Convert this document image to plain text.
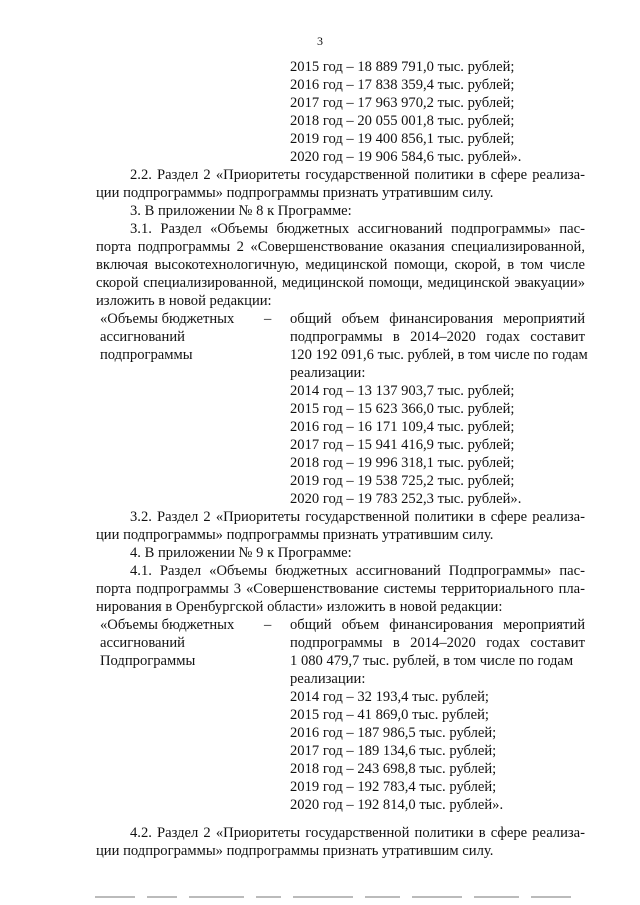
3
2015 год – 18 889 791,0 тыс. рублей;
2016 год – 17 838 359,4 тыс. рублей;
2017 год – 17 963 970,2 тыс. рублей;
2018 год – 20 055 001,8 тыс. рублей;
2019 год – 19 400 856,1 тыс. рублей;
2020 год – 19 906 584,6 тыс. рублей».
2.2. Раздел 2 «Приоритеты государственной политики в сфере реализа-
ции подпрограммы» подпрограммы признать утратившим силу.
3. В приложении № 8 к Программе:
3.1. Раздел «Объемы бюджетных ассигнований подпрограммы» пас-
порта подпрограммы 2 «Совершенствование оказания специализированной,
включая высокотехнологичную, медицинской помощи, скорой, в том числе
скорой специализированной, медицинской помощи, медицинской эвакуации»
изложить в новой редакции:
«Объемы бюджетных
ассигнований
подпрограммы
– общий объем финансирования мероприятий
подпрограммы в 2014–2020 годах составит
120 192 091,6 тыс. рублей, в том числе по годам
реализации:
2014 год – 13 137 903,7 тыс. рублей;
2015 год – 15 623 366,0 тыс. рублей;
2016 год – 16 171 109,4 тыс. рублей;
2017 год – 15 941 416,9 тыс. рублей;
2018 год – 19 996 318,1 тыс. рублей;
2019 год – 19 538 725,2 тыс. рублей;
2020 год – 19 783 252,3 тыс. рублей».
3.2. Раздел 2 «Приоритеты государственной политики в сфере реализа-
ции подпрограммы» подпрограммы признать утратившим силу.
4. В приложении № 9 к Программе:
4.1. Раздел «Объемы бюджетных ассигнований Подпрограммы» пас-
порта подпрограммы 3 «Совершенствование системы территориального пла-
нирования в Оренбургской области» изложить в новой редакции:
«Объемы бюджетных
ассигнований
Подпрограммы
– общий объем финансирования мероприятий
подпрограммы в 2014–2020 годах составит
1 080 479,7 тыс. рублей, в том числе по годам
реализации:
2014 год – 32 193,4 тыс. рублей;
2015 год – 41 869,0 тыс. рублей;
2016 год – 187 986,5 тыс. рублей;
2017 год – 189 134,6 тыс. рублей;
2018 год – 243 698,8 тыс. рублей;
2019 год – 192 783,4 тыс. рублей;
2020 год – 192 814,0 тыс. рублей».
4.2. Раздел 2 «Приоритеты государственной политики в сфере реализа-
ции подпрограммы» подпрограммы признать утратившим силу.
